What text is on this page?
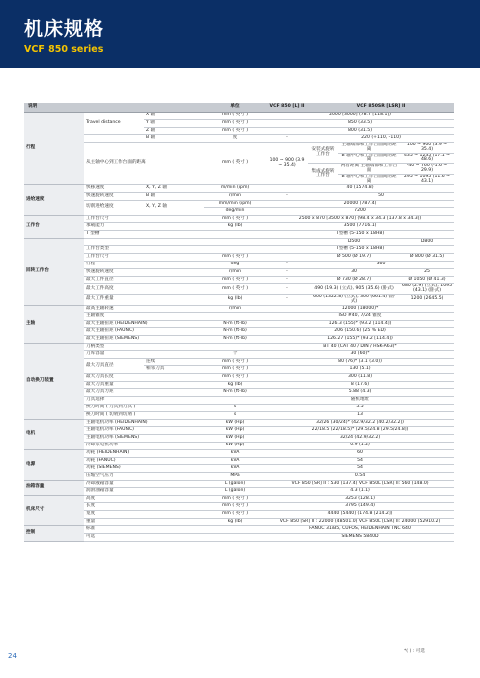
机床规格
VCF 850 series
说明			单位	VCF 850 [L] II	VCF 850SR [LSR] II		
行程	Travel distance	X 轴	mm ( 英寸 )	2000 [3000] (78.7 [118.1])			
		Y 轴	mm ( 英寸 )	850 (33.5)			
		Z 轴	mm ( 英寸 )	800 (31.5)			
		B 轴	度	-	220 (+110, -110)		
	从主轴中心到工作台面的距离		mm ( 英寸 )	100 ~ 900 (3.9 ~ 35.4)	安装式旋转工作台	主轴端部和工作台面间的距离	100 ~ 900 (3.9 ~ 35.4)
						B 轴中心和工作台面间的距离	435 ~ 1235 (17.1 ~ 48.6)
					集成式旋转工作台	两者距离 主轴端部和工作台面	-40 ~ 760 (-1.6 ~ 29.9)
						B 轴中心和工作台面间的距离	295 ~ 1095 (11.6 ~ 43.1)

进给速度	快移速度	X, Y, Z 轴	m/min (ipm)	40 (1574.8)			
	快速旋转速度	B 轴	r/min	-	50		
	切削进给速度	X, Y, Z 轴	mm/min (ipm)	20000 (787.4)			
			deg/min	7200			
工作台	工作台尺寸		mm ( 英寸 )	2500 x 870 [3500 x 870] (98.4 x 34.3 [137.8 x 34.3])			
	承载能力		kg (lb)	3500 (7716.1)			
	T 型槽			T型槽 (5-150 x 18H8)			
回转工作台					D500		D800
	工作台类型			T型槽 (5-150 x 18H8)			
	工作台尺寸		mm ( 英寸 )		Ø 500 (Ø 19.7)		Ø 800 (Ø 31.5)
	行程		deg	-	360		
	快速旋转速度		r/min	-	30		25
	最大工件直径		mm ( 英寸 )	-	Ø 730 (Ø 28.7)		Ø 1050 (Ø 41.3)
	最大工件高度		mm ( 英寸 )	-	490 (19.3) (立式), 905 (35.6) (卧式)		680 (2.9) (立式), 1095 (43.1) (卧式)

	最大工件重量		kg (lb)	-	600 (1322.8) (立式), 300 (661.4) (卧式)		1200 (2645.5)

主轴	最高主轴转速		r/min	12000 (18000)*			
	主轴锥度			ISO #40, 7/24 锥度			
	最大主轴扭矩 (HEIDENHAIN)		N·m (ft-lb)	126.3 (155)* (93.2 [114.4])			
	最大主轴扭矩 (FAUNC)		N·m (ft-lb)	206 (150.6) (25 % ED)			
	最大主轴扭矩 (SIEMENS)		N·m (ft-lb)	126.27 (155)* (93.2 [114.4])			
自动换刀装置	刀柄类型			BT 40 (CAT 40 / DIN / HSK-A63)*			
	刀库容量		个	30 (60)*			
	最大刀具直径	连续	mm ( 英寸 )	80 (76)* (3.1 (3.0))			
		相邻刀具	mm ( 英寸 )	130 (5.1)			
	最大刀具长度		mm ( 英寸 )	300 (11.8)			
	最大刀具重量		kg (lb)	8 (17.6)			
	最大刀具力矩		N·m (ft-lb)	5.88 (4.3)			
	刀具选择			随机地址			
	换刀时间 ( 刀具到刀具 )		s	5.5			
	换刀时间 ( 切屑到切屑 )		s	13			
电机	主轴电机功率 (HEIDENHAIN)		kW (Hp)	32/26 (30/24)* (42.9/32.2 [40.2/32.2])			
	主轴电机功率 (FAUNC)		kW (Hp)	22/18.5 (22/18.5)* (29.5/24.8 [29.5/24.8])			
	主轴电机功率 (SIEMENS)		kW (Hp)	32/24 (42.9/32.2)			
	冷却泵电机功率		kW (Hp)	0.9 (1.2)			
电源	功耗 (HEIDENHAIN)		kVA	60			
	功耗 (FANUC)		kVA	54			
	功耗 (SIEMENS)		kVA	54			
	压缩空气压力		MPa	0.54			
油箱容量	冷却液箱容量		L (galon)	VCF 850 [SR] II : 530 (137.4) VCF 850L [LSR] II: 560 (148.0)			
	润滑油箱容量		L (galon)	4.3 (1.1)			
机床尺寸	高度		mm ( 英寸 )	3253 (128.1)			
	长度		mm ( 英寸 )	3795 (149.4)			
	宽度		mm ( 英寸 )	4440 [5440] (174.8 [214.2])			
	重量		kg (lb)	VCF 850 [SR] II : 22000 (48501.0) VCF 850L [LSR] II: 24000 (52910.2)			
控制	标准			FANUC 31iB5, CUFOS, HEIDENHAIN TNC 640			
	可选			SIEMENS 5840D			
24
*( ) : 可选
